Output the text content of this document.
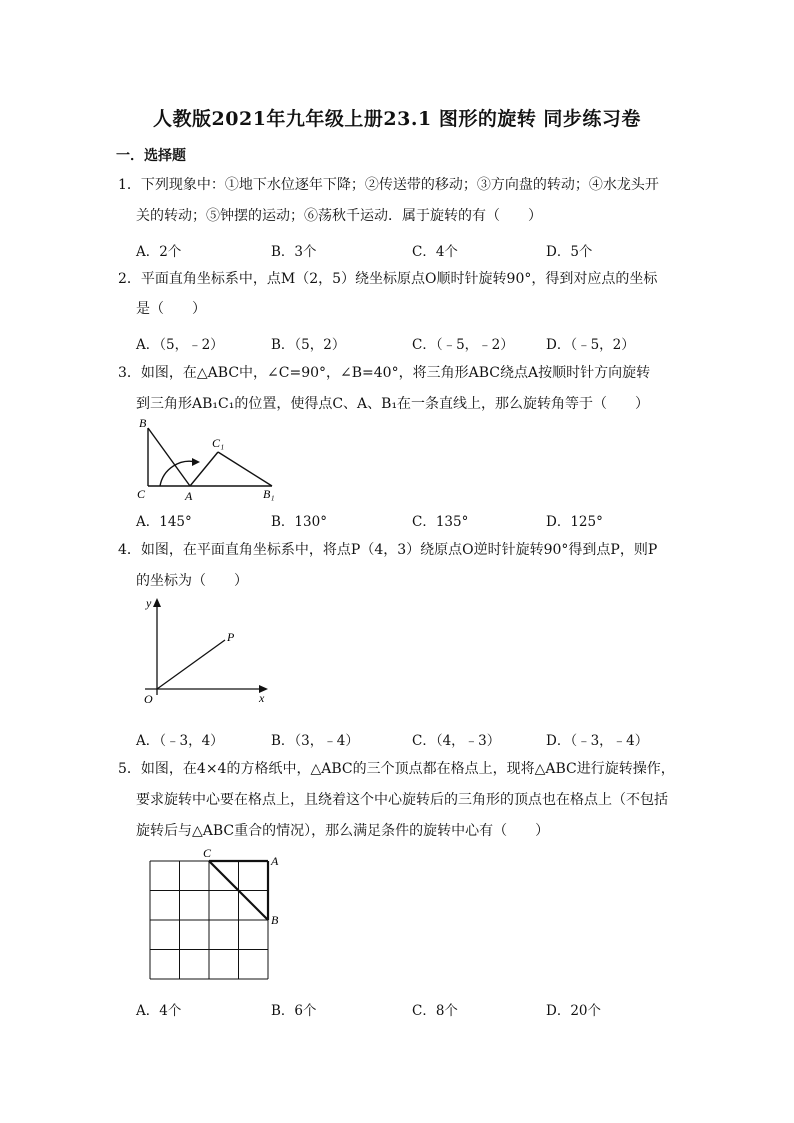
人教版2021年九年级上册23.1 图形的旋转 同步练习卷
一．选择题
1．下列现象中：①地下水位逐年下降；②传送带的移动；③方向盘的转动；④水龙头开
关的转动；⑤钟摆的运动；⑥荡秋千运动．属于旋转的有（　　）
A．2个	B．3个	C．4个	D．5个
2．平面直角坐标系中，点M（2，5）绕坐标原点O顺时针旋转90°，得到对应点的坐标
是（　　）
A．（5，﹣2）	B．（5，2）	C．（﹣5，﹣2） D．（﹣5，2）
3．如图，在△ABC中，∠C=90°，∠B=40°，将三角形ABC绕点A按顺时针方向旋转
到三角形AB₁C₁的位置，使得点C、A、B₁在一条直线上，那么旋转角等于（　　）
B
C	A
C₁
B₁
A．145°	B．130°	C．135°	D．125°
4．如图，在平面直角坐标系中，将点P（4，3）绕原点O逆时针旋转90°得到点P，则P
的坐标为（　　）
y
x
O
P
A．（﹣3，4）	B．（3，﹣4）	C．（4，﹣3）	D．（﹣3，﹣4）
5．如图，在4×4的方格纸中，△ABC的三个顶点都在格点上，现将△ABC进行旋转操作，
要求旋转中心要在格点上，且绕着这个中心旋转后的三角形的顶点也在格点上（不包括
旋转后与△ABC重合的情况），那么满足条件的旋转中心有（　　）
C
A
B
A．4个	B．6个	C．8个	D．20个
